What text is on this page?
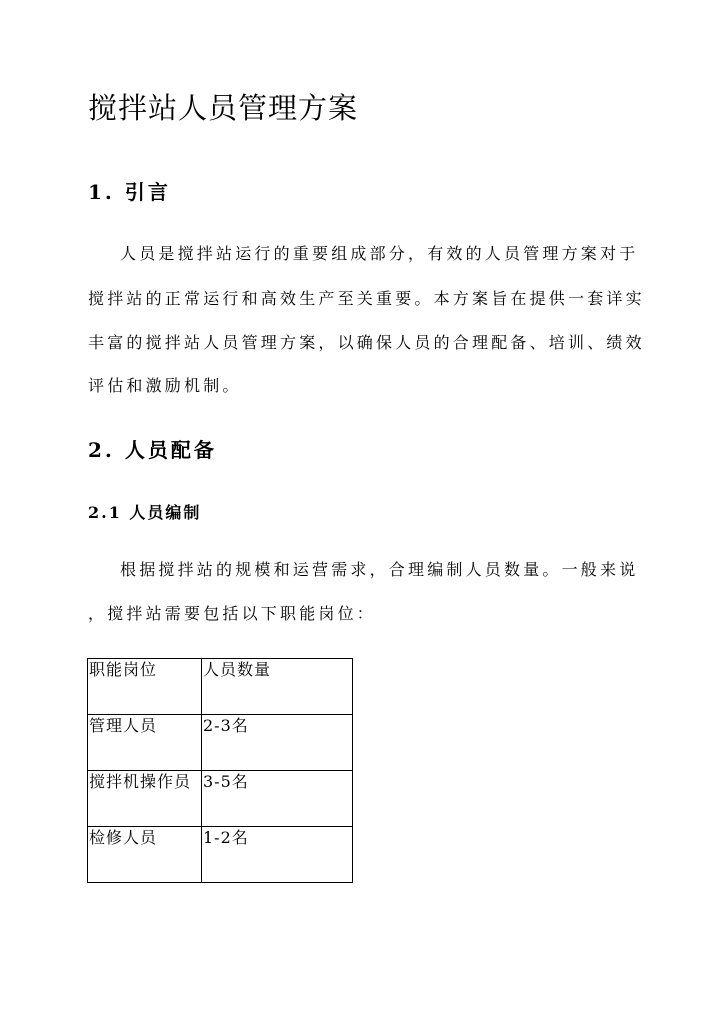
搅拌站人员管理方案
1. 引言
人员是搅拌站运行的重要组成部分，有效的人员管理方案对于
搅拌站的正常运行和高效生产至关重要。本方案旨在提供一套详实
丰富的搅拌站人员管理方案，以确保人员的合理配备、培训、绩效
评估和激励机制。
2. 人员配备
2.1 人员编制
根据搅拌站的规模和运营需求，合理编制人员数量。一般来说
，搅拌站需要包括以下职能岗位：
职能岗位	人员数量
管理人员	2-3名
搅拌机操作员	3-5名
检修人员	1-2名
